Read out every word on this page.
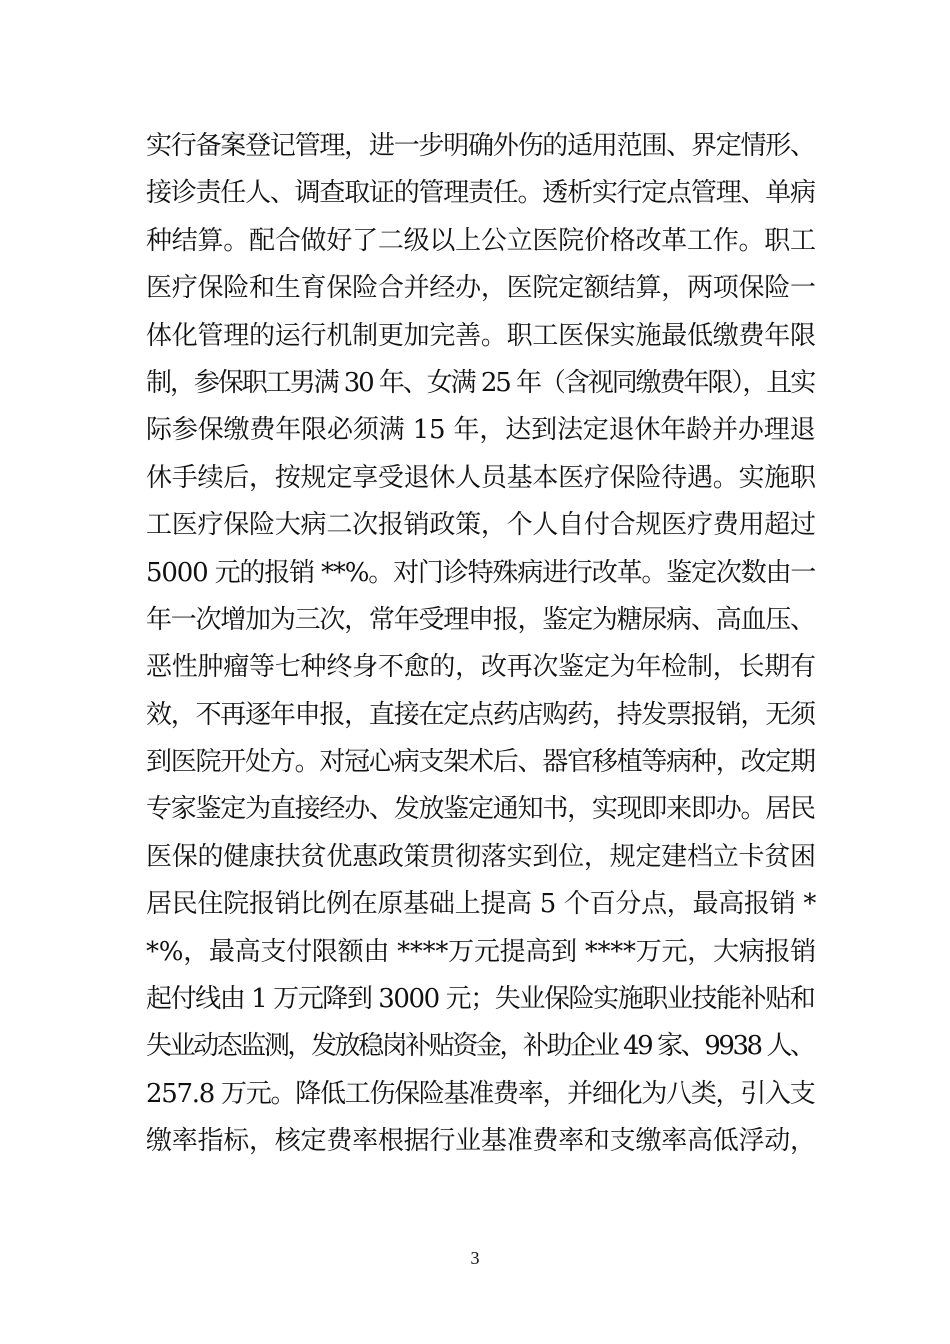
实行备案登记管理，进一步明确外伤的适用范围、界定情形、
接诊责任人、调查取证的管理责任。透析实行定点管理、单病
种结算。配合做好了二级以上公立医院价格改革工作。职工
医疗保险和生育保险合并经办，医院定额结算，两项保险一
体化管理的运行机制更加完善。职工医保实施最低缴费年限
制，参保职工男满 30 年、女满 25 年（含视同缴费年限），且实
际参保缴费年限必须满 15 年，达到法定退休年龄并办理退
休手续后，按规定享受退休人员基本医疗保险待遇。实施职
工医疗保险大病二次报销政策，个人自付合规医疗费用超过
5000 元的报销 **%。对门诊特殊病进行改革。鉴定次数由一
年一次增加为三次，常年受理申报，鉴定为糖尿病、高血压、
恶性肿瘤等七种终身不愈的，改再次鉴定为年检制，长期有
效，不再逐年申报，直接在定点药店购药，持发票报销，无须
到医院开处方。对冠心病支架术后、器官移植等病种，改定期
专家鉴定为直接经办、发放鉴定通知书，实现即来即办。居民
医保的健康扶贫优惠政策贯彻落实到位，规定建档立卡贫困
居民住院报销比例在原基础上提高 5 个百分点，最高报销 *
*%，最高支付限额由 ****万元提高到 ****万元，大病报销
起付线由 1 万元降到 3000 元；失业保险实施职业技能补贴和
失业动态监测，发放稳岗补贴资金，补助企业 49 家、9938 人、
257.8 万元。降低工伤保险基准费率，并细化为八类，引入支
缴率指标，核定费率根据行业基准费率和支缴率高低浮动，
3
